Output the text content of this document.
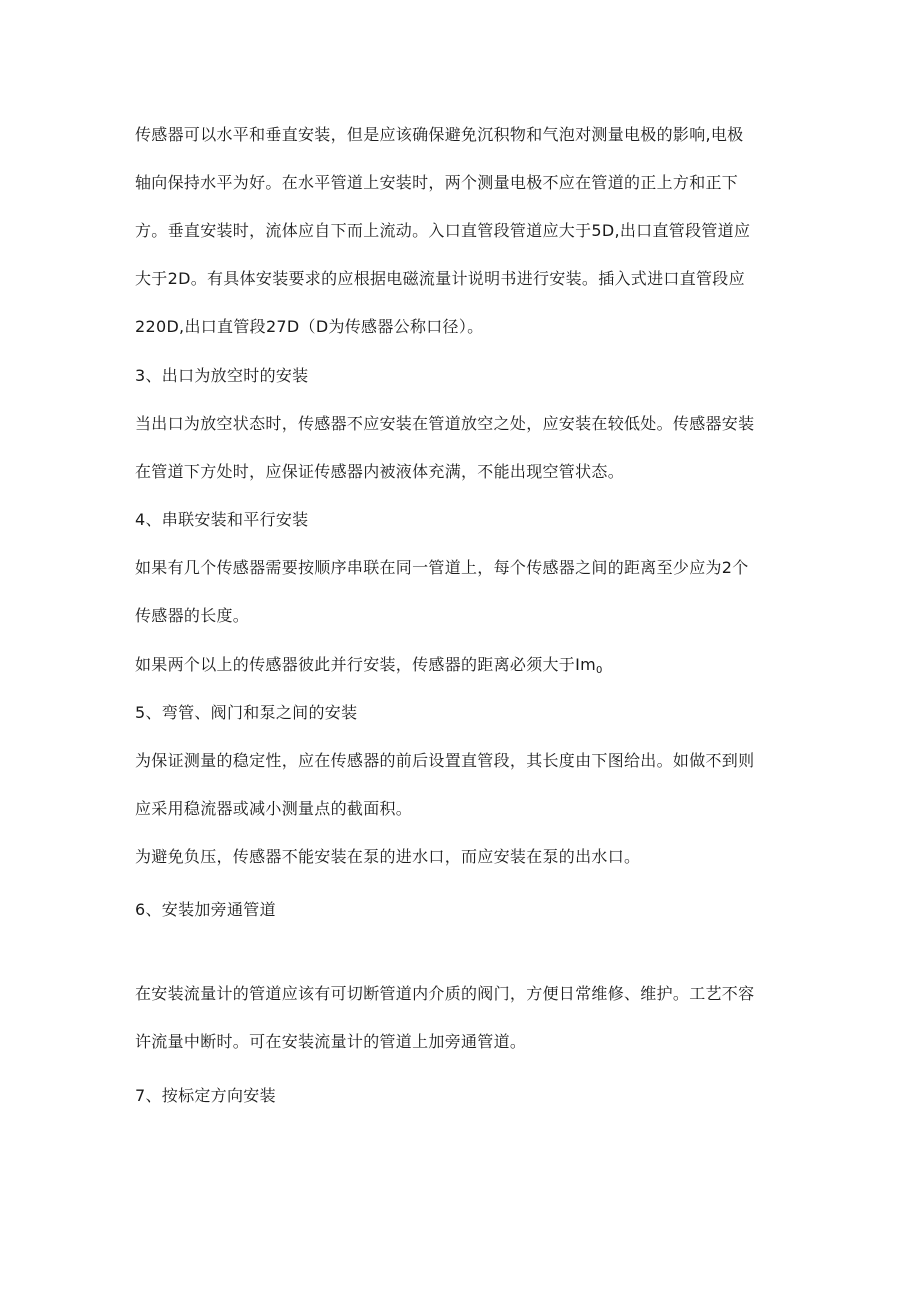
传感器可以水平和垂直安装，但是应该确保避免沉积物和气泡对测量电极的影响,电极
轴向保持水平为好。在水平管道上安装时，两个测量电极不应在管道的正上方和正下
方。垂直安装时，流体应自下而上流动。入口直管段管道应大于5D,出口直管段管道应
大于2D。有具体安装要求的应根据电磁流量计说明书进行安装。插入式进口直管段应
220D,出口直管段27D（D为传感器公称口径）。
3、出口为放空时的安装
当出口为放空状态时，传感器不应安装在管道放空之处，应安装在较低处。传感器安装
在管道下方处时，应保证传感器内被液体充满，不能出现空管状态。
4、串联安装和平行安装
如果有几个传感器需要按顺序串联在同一管道上，每个传感器之间的距离至少应为2个
传感器的长度。
如果两个以上的传感器彼此并行安装，传感器的距离必须大于$Im_0$
5、弯管、阀门和泵之间的安装
为保证测量的稳定性，应在传感器的前后设置直管段，其长度由下图给出。如做不到则
应采用稳流器或减小测量点的截面积。
为避免负压，传感器不能安装在泵的进水口，而应安装在泵的出水口。
6、安装加旁通管道
在安装流量计的管道应该有可切断管道内介质的阀门，方便日常维修、维护。工艺不容
许流量中断时。可在安装流量计的管道上加旁通管道。
7、按标定方向安装
